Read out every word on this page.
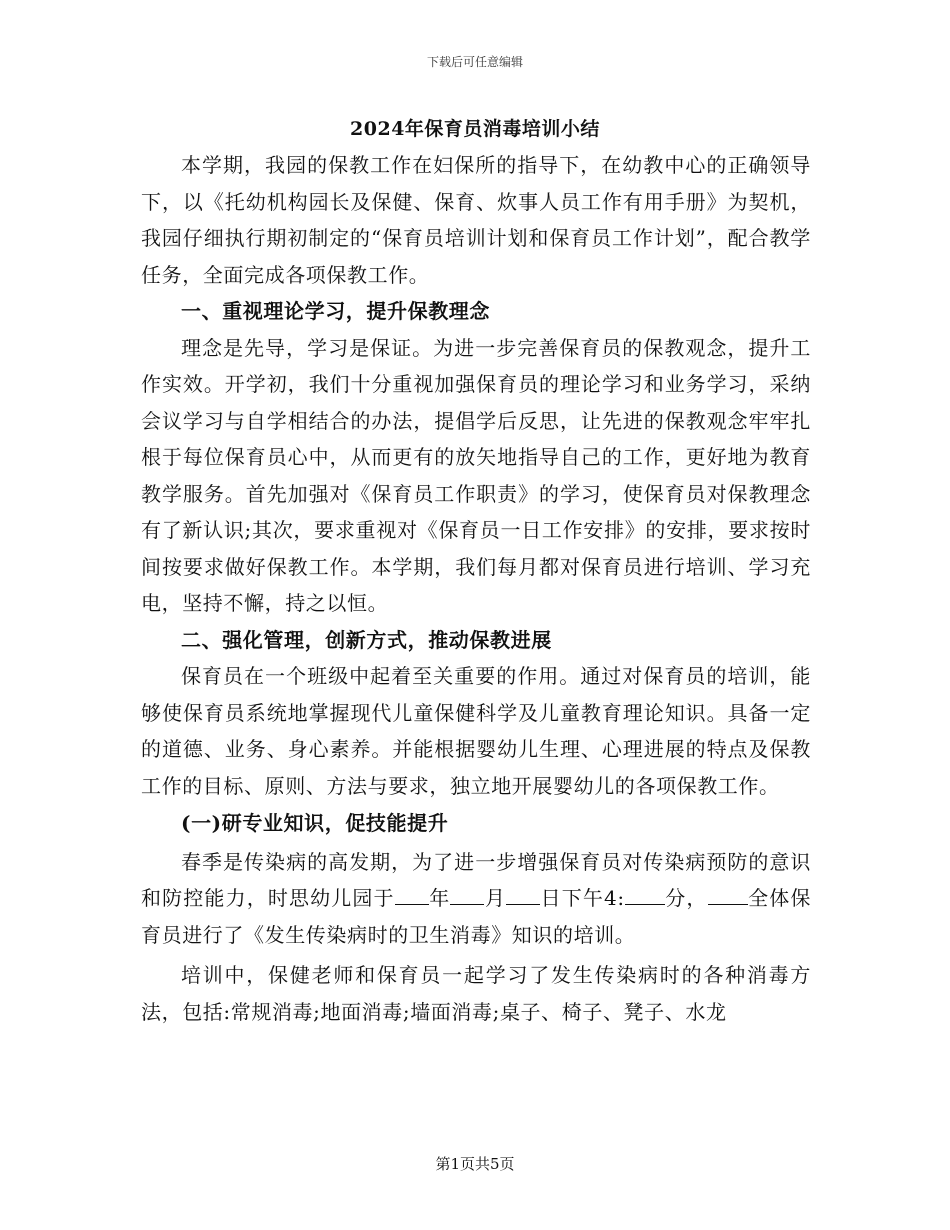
下载后可任意编辑
2024年保育员消毒培训小结

本学期，我园的保教工作在妇保所的指导下，在幼教中心的正确领导下，以《托幼机构园长及保健、保育、炊事人员工作有用手册》为契机，我园仔细执行期初制定的“保育员培训计划和保育员工作计划”，配合教学任务，全面完成各项保教工作。

一、重视理论学习，提升保教理念

理念是先导，学习是保证。为进一步完善保育员的保教观念，提升工作实效。开学初，我们十分重视加强保育员的理论学习和业务学习，采纳会议学习与自学相结合的办法，提倡学后反思，让先进的保教观念牢牢扎根于每位保育员心中，从而更有的放矢地指导自己的工作，更好地为教育教学服务。首先加强对《保育员工作职责》的学习，使保育员对保教理念有了新认识;其次，要求重视对《保育员一日工作安排》的安排，要求按时间按要求做好保教工作。本学期，我们每月都对保育员进行培训、学习充电，坚持不懈，持之以恒。

二、强化管理，创新方式，推动保教进展

保育员在一个班级中起着至关重要的作用。通过对保育员的培训，能够使保育员系统地掌握现代儿童保健科学及儿童教育理论知识。具备一定的道德、业务、身心素养。并能根据婴幼儿生理、心理进展的特点及保教工作的目标、原则、方法与要求，独立地开展婴幼儿的各项保教工作。

(一)研专业知识，促技能提升

春季是传染病的高发期，为了进一步增强保育员对传染病预防的意识和防控能力，时思幼儿园于 年 月 日下午4: 分， 全体保育员进行了《发生传染病时的卫生消毒》知识的培训。

培训中，保健老师和保育员一起学习了发生传染病时的各种消毒方法，包括:常规消毒;地面消毒;墙面消毒;桌子、椅子、凳子、水龙

第1页共5页
